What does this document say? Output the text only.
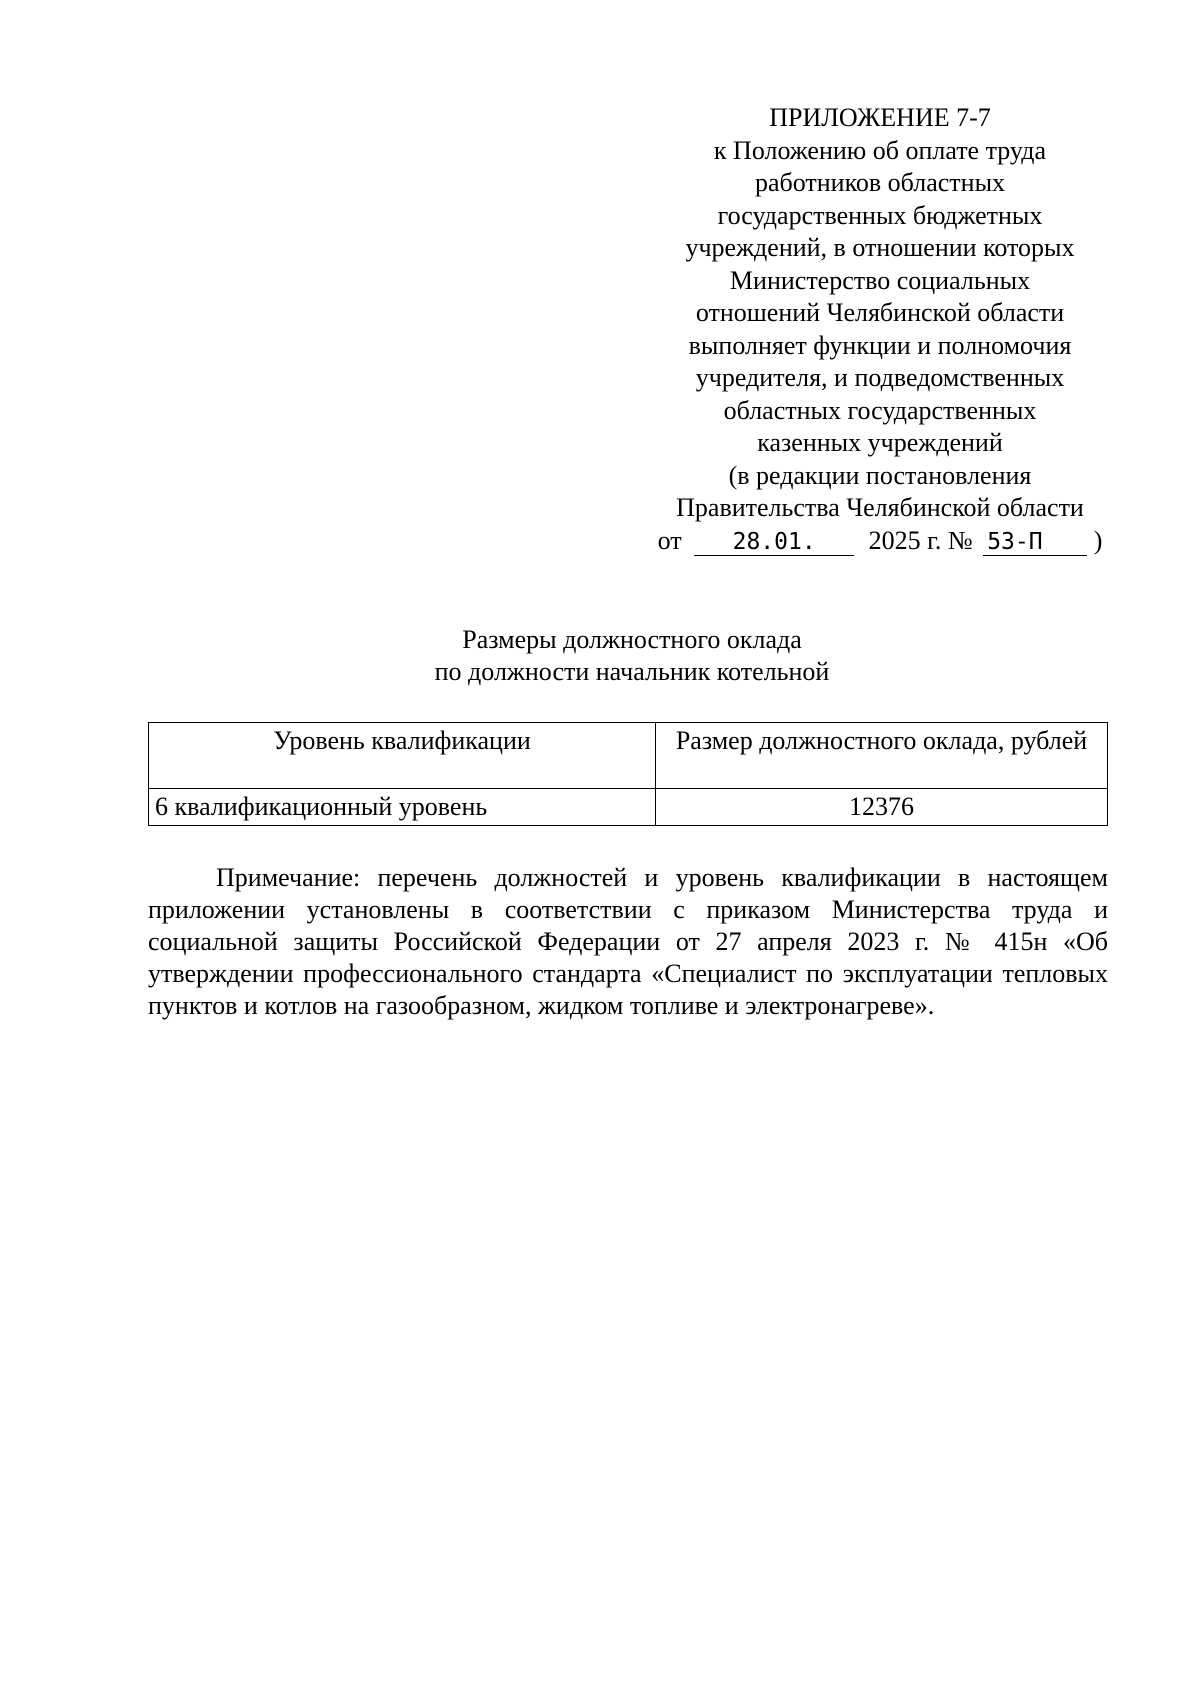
ПРИЛОЖЕНИЕ 7-7
к Положению об оплате труда
работников областных
государственных бюджетных
учреждений, в отношении которых
Министерство социальных
отношений Челябинской области
выполняет функции и полномочия
учредителя, и подведомственных
областных государственных
казенных учреждений
(в редакции постановления
Правительства Челябинской области
от 28.01. 2025 г. № 53-П )
Размеры должностного оклада
по должности начальник котельной
Уровень квалификации	Размер должностного оклада, рублей
6 квалификационный уровень	12376

Примечание: перечень должностей и уровень квалификации в настоящем приложении установлены в соответствии с приказом Министерства труда и социальной защиты Российской Федерации от 27 апреля 2023 г. № 415н «Об утверждении профессионального стандарта «Специалист по эксплуатации тепловых пунктов и котлов на газообразном, жидком топливе и электронагреве».
